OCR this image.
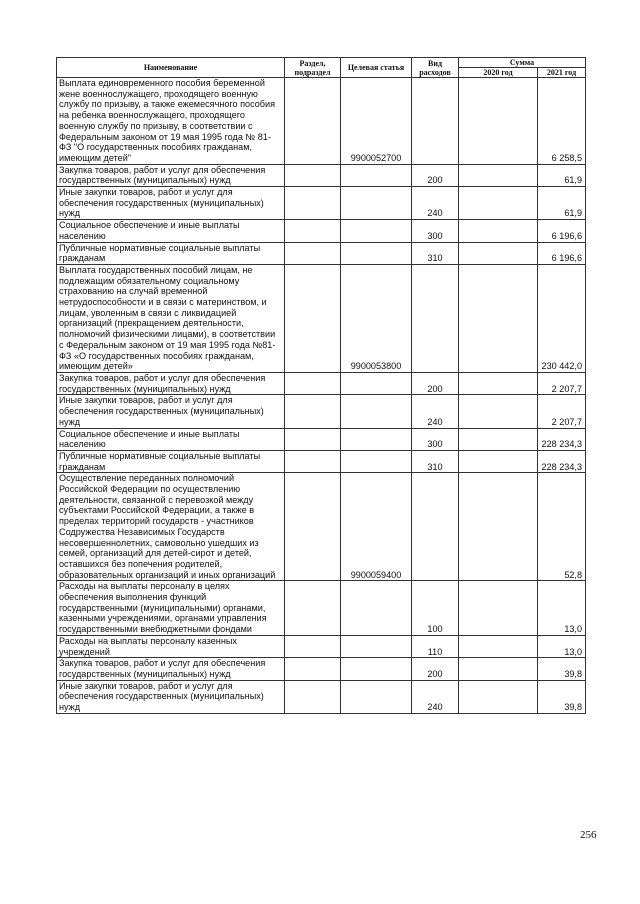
Наименование	Раздел, подраздел	Целевая статья	Вид расходов	Сумма	
				2020 год	2021 год
Выплата единовременного пособия беременной жене военнослужащего, проходящего военную службу по призыву, а также ежемесячного пособия на ребенка военнослужащего, проходящего военную службу по призыву, в соответствии с Федеральным законом от 19 мая 1995 года № 81-ФЗ "О государственных пособиях гражданам, имеющим детей"		9900052700			6 258,5
Закупка товаров, работ и услуг для обеспечения государственных (муниципальных) нужд			200		61,9
Иные закупки товаров, работ и услуг для обеспечения государственных (муниципальных) нужд			240		61,9
Социальное обеспечение и иные выплаты населению			300		6 196,6
Публичные нормативные социальные выплаты гражданам			310		6 196,6
Выплата государственных пособий лицам, не подлежащим обязательному социальному страхованию на случай временной нетрудоспособности и в связи с материнством, и лицам, уволенным в связи с ликвидацией организаций (прекращением деятельности, полномочий физическими лицами), в соответствии с Федеральным законом от 19 мая 1995 года №81-ФЗ «О государственных пособиях гражданам, имеющим детей»		9900053800			230 442,0
Закупка товаров, работ и услуг для обеспечения государственных (муниципальных) нужд			200		2 207,7
Иные закупки товаров, работ и услуг для обеспечения государственных (муниципальных) нужд			240		2 207,7
Социальное обеспечение и иные выплаты населению			300		228 234,3
Публичные нормативные социальные выплаты гражданам			310		228 234,3
Осуществление переданных полномочий Российской Федерации по осуществлению деятельности, связанной с перевозкой между субъектами Российской Федерации, а также в пределах территорий государств - участников Содружества Независимых Государств несовершеннолетних, самовольно ушедших из семей, организаций для детей-сирот и детей, оставшихся без попечения родителей, образовательных организаций и иных организаций		9900059400			52,8
Расходы на выплаты персоналу в целях обеспечения выполнения функций государственными (муниципальными) органами, казенными учреждениями, органами управления государственными внебюджетными фондами			100		13,0
Расходы на выплаты персоналу казенных учреждений			110		13,0
Закупка товаров, работ и услуг для обеспечения государственных (муниципальных) нужд			200		39,8
Иные закупки товаров, работ и услуг для обеспечения государственных (муниципальных) нужд			240		39,8
256
